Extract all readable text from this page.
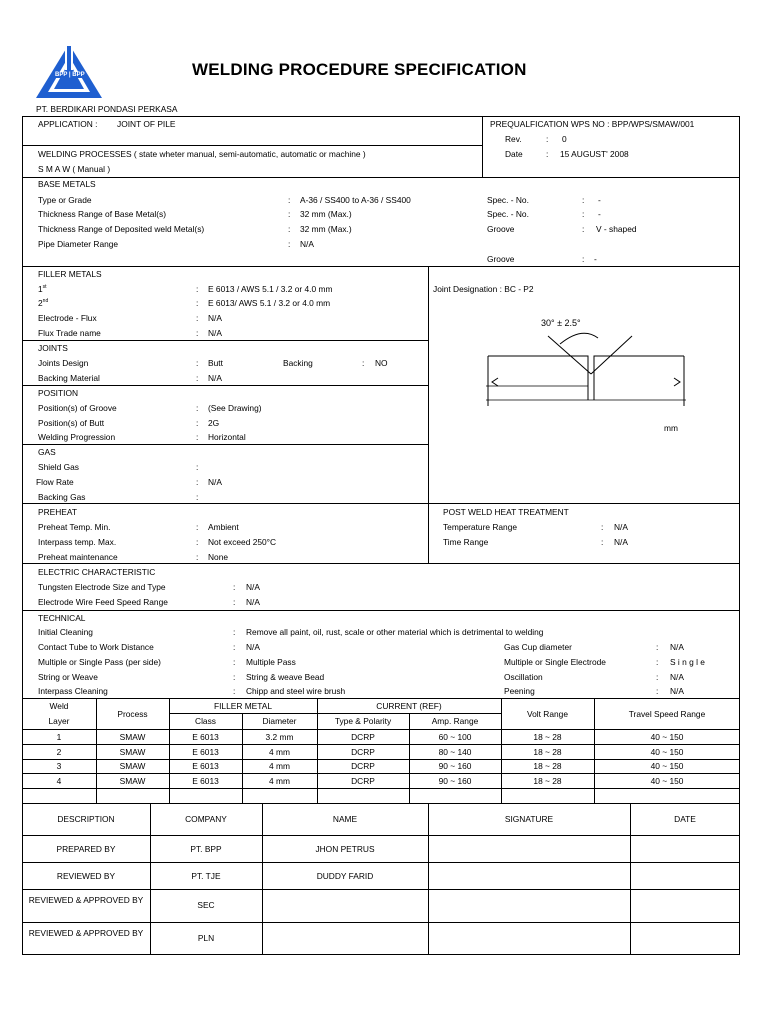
BPP | BPP	WELDING PROCEDURE SPECIFICATION
PT. BERDIKARI PONDASI PERKASA
APPLICATION : JOINT OF PILE	PREQUALFICATION WPS NO : BPP/WPS/SMAW/001
Rev.	: 0
Date	: 15 AUGUST' 2008
WELDING PROCESSES ( state wheter manual, semi-automatic, automatic or machine )
S M A W ( Manual )
BASE METALS
Type or Grade	: A-36 / SS400 to A-36 / SS400
Thickness Range of Base Metal(s)	: 32 mm (Max.)
Thickness Range of Deposited weld Metal(s)	: 32 mm (Max.)
Pipe Diameter Range	: N/A
Spec. - No.	: -
Spec. - No.	: -
Groove	: V - shaped
Groove	: -
FILLER METALS
1st	: E 6013 / AWS 5.1 / 3.2 or 4.0 mm
2nd	: E 6013/ AWS 5.1 / 3.2 or 4.0 mm
Electrode - Flux	: N/A
Flux Trade name	: N/A
Joint Designation : BC - P2
30° ± 2.5°
mm
JOINTS
Joints Design	: Butt	Backing	: NO
Backing Material	: N/A
POSITION
Position(s) of Groove	: (See Drawing)
Position(s) of Butt	: 2G
Welding Progression	: Horizontal
GAS
Shield Gas	:
Flow Rate	: N/A
Backing Gas	:
PREHEAT
Preheat Temp. Min.	: Ambient
Interpass temp. Max.	: Not exceed 250°C
Preheat maintenance	: None
POST WELD HEAT TREATMENT
Temperature Range	: N/A
Time Range	: N/A
ELECTRIC CHARACTERISTIC
Tungsten Electrode Size and Type	: N/A
Electrode Wire Feed Speed Range	: N/A
TECHNICAL
Initial Cleaning	: Remove all paint, oil, rust, scale or other material which is detrimental to welding
Contact Tube to Work Distance	: N/A
Multiple or Single Pass (per side)	: Multiple Pass
String or Weave	: String & weave Bead
Interpass Cleaning	: Chipp and steel wire brush
Gas Cup diameter	: N/A
Multiple or Single Electrode	: S i n g l e
Oscillation	: N/A
Peening	: N/A
Weld
Layer
Process
FILLER METAL
Class	Diameter
CURRENT (REF)
Type & Polarity	Amp. Range
Volt Range	Travel Speed Range
1	SMAW	E 6013	3.2 mm	DCRP	60 ~ 100	18 ~ 28	40 ~ 150
2	SMAW	E 6013	4 mm	DCRP	80 ~ 140	18 ~ 28	40 ~ 150
3	SMAW	E 6013	4 mm	DCRP	90 ~ 160	18 ~ 28	40 ~ 150
4	SMAW	E 6013	4 mm	DCRP	90 ~ 160	18 ~ 28	40 ~ 150
DESCRIPTION	COMPANY	NAME	SIGNATURE	DATE
PREPARED BY	PT. BPP	JHON PETRUS
REVIEWED BY	PT. TJE	DUDDY FARID
REVIEWED & APPROVED BY	SEC
REVIEWED & APPROVED BY	PLN
